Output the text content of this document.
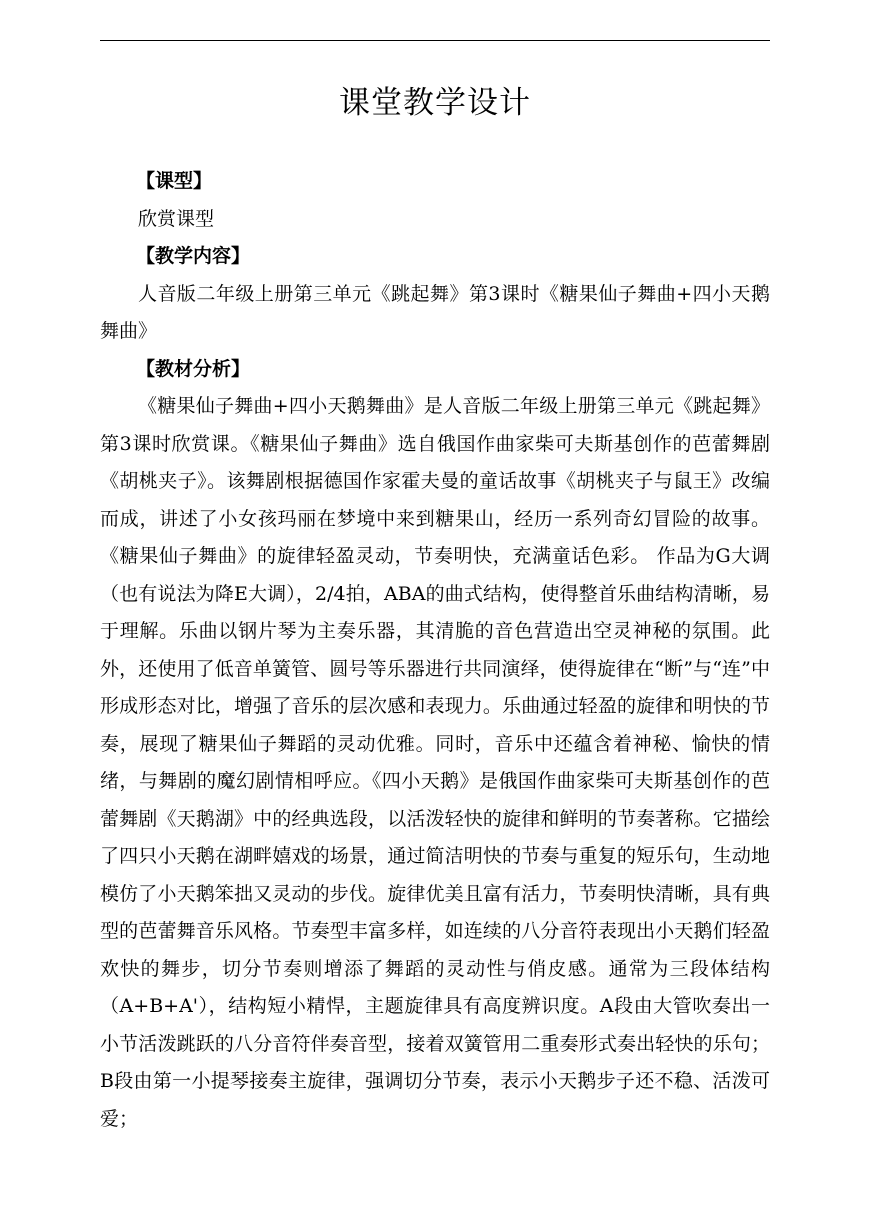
课堂教学设计
【课型】

欣赏课型

【教学内容】

人音版二年级上册第三单元《跳起舞》第3课时《糖果仙子舞曲+四小天鹅舞曲》

【教材分析】

《糖果仙子舞曲+四小天鹅舞曲》是人音版二年级上册第三单元《跳起舞》第3课时欣赏课。《糖果仙子舞曲》选自俄国作曲家柴可夫斯基创作的芭蕾舞剧《胡桃夹子》。该舞剧根据德国作家霍夫曼的童话故事《胡桃夹子与鼠王》改编而成，讲述了小女孩玛丽在梦境中来到糖果山，经历一系列奇幻冒险的故事。《糖果仙子舞曲》的旋律轻盈灵动，节奏明快，充满童话色彩。 作品为G大调（也有说法为降E大调），2/4拍，ABA的曲式结构，使得整首乐曲结构清晰，易于理解。乐曲以钢片琴为主奏乐器，其清脆的音色营造出空灵神秘的氛围。此外，还使用了低音单簧管、圆号等乐器进行共同演绎，使得旋律在“断”与“连”中形成形态对比，增强了音乐的层次感和表现力。乐曲通过轻盈的旋律和明快的节奏，展现了糖果仙子舞蹈的灵动优雅。同时，音乐中还蕴含着神秘、愉快的情绪，与舞剧的魔幻剧情相呼应。《四小天鹅》是俄国作曲家柴可夫斯基创作的芭蕾舞剧《天鹅湖》中的经典选段，以活泼轻快的旋律和鲜明的节奏著称。它描绘了四只小天鹅在湖畔嬉戏的场景，通过简洁明快的节奏与重复的短乐句，生动地模仿了小天鹅笨拙又灵动的步伐。旋律优美且富有活力，节奏明快清晰，具有典型的芭蕾舞音乐风格。节奏型丰富多样，如连续的八分音符表现出小天鹅们轻盈欢快的舞步，切分节奏则增添了舞蹈的灵动性与俏皮感。通常为三段体结构（A+B+A'），结构短小精悍，主题旋律具有高度辨识度。A段由大管吹奏出一小节活泼跳跃的八分音符伴奏音型，接着双簧管用二重奏形式奏出轻快的乐句；B段由第一小提琴接奏主旋律，强调切分节奏，表示小天鹅步子还不稳、活泼可爱；
